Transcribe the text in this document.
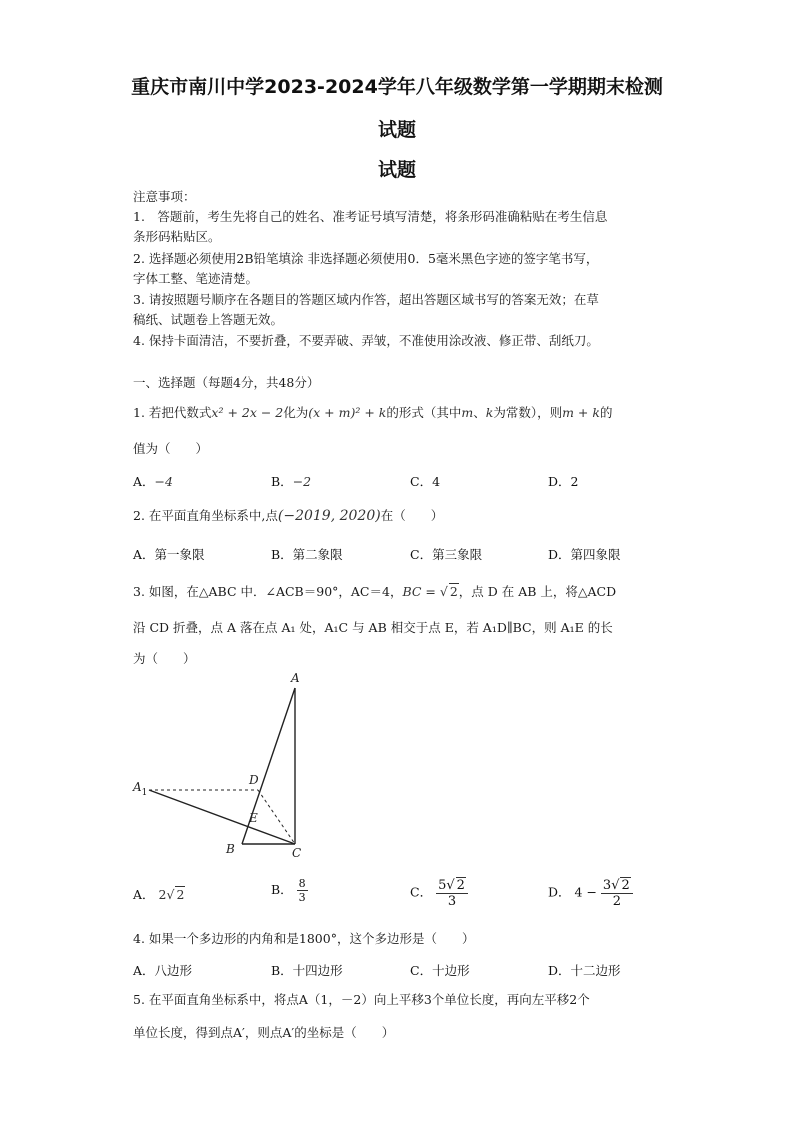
重庆市南川中学2023-2024学年八年级数学第一学期期末检测
试题
试题
注意事项：
1.　答题前，考生先将自己的姓名、准考证号填写清楚，将条形码准确粘贴在考生信息
条形码粘贴区。
2. 选择题必须使用2B铅笔填涂 非选择题必须使用0．5毫米黑色字迹的签字笔书写，
字体工整、笔迹清楚。
3. 请按照题号顺序在各题目的答题区域内作答，超出答题区域书写的答案无效；在草
稿纸、试题卷上答题无效。
4. 保持卡面清洁，不要折叠，不要弄破、弄皱，不准使用涂改液、修正带、刮纸刀。
一、选择题（每题4分，共48分）
1. 若把代数式x² + 2x − 2化为(x + m)² + k的形式（其中m、k为常数），则m + k的
值为（　　）
A．−4	B．−2	C．4	D．2
2. 在平面直角坐标系中,点(−2019, 2020)在（　　）
A．第一象限	B．第二象限	C．第三象限	D．第四象限
3. 如图，在△ABC 中．∠ACB＝90°，AC＝4，BC = √ 2，点 D 在 AB 上，将△ACD
沿 CD 折叠，点 A 落在点 A₁ 处，A₁C 与 AB 相交于点 E，若 A₁D∥BC，则 A₁E 的长
为（　　）
A
$A_1$
D
E
B	C
A． 2√ 2	B． $\frac{8}{3}$	C． $\frac{5√ 2}{3}$	D． $4 - \frac{3√ 2}{2}$
4. 如果一个多边形的内角和是1800°，这个多边形是（　　）
A．八边形	B．十四边形	C．十边形	D．十二边形
5. 在平面直角坐标系中，将点A（1，－2）向上平移3个单位长度，再向左平移2个
单位长度，得到点A′，则点A′的坐标是（　　）
